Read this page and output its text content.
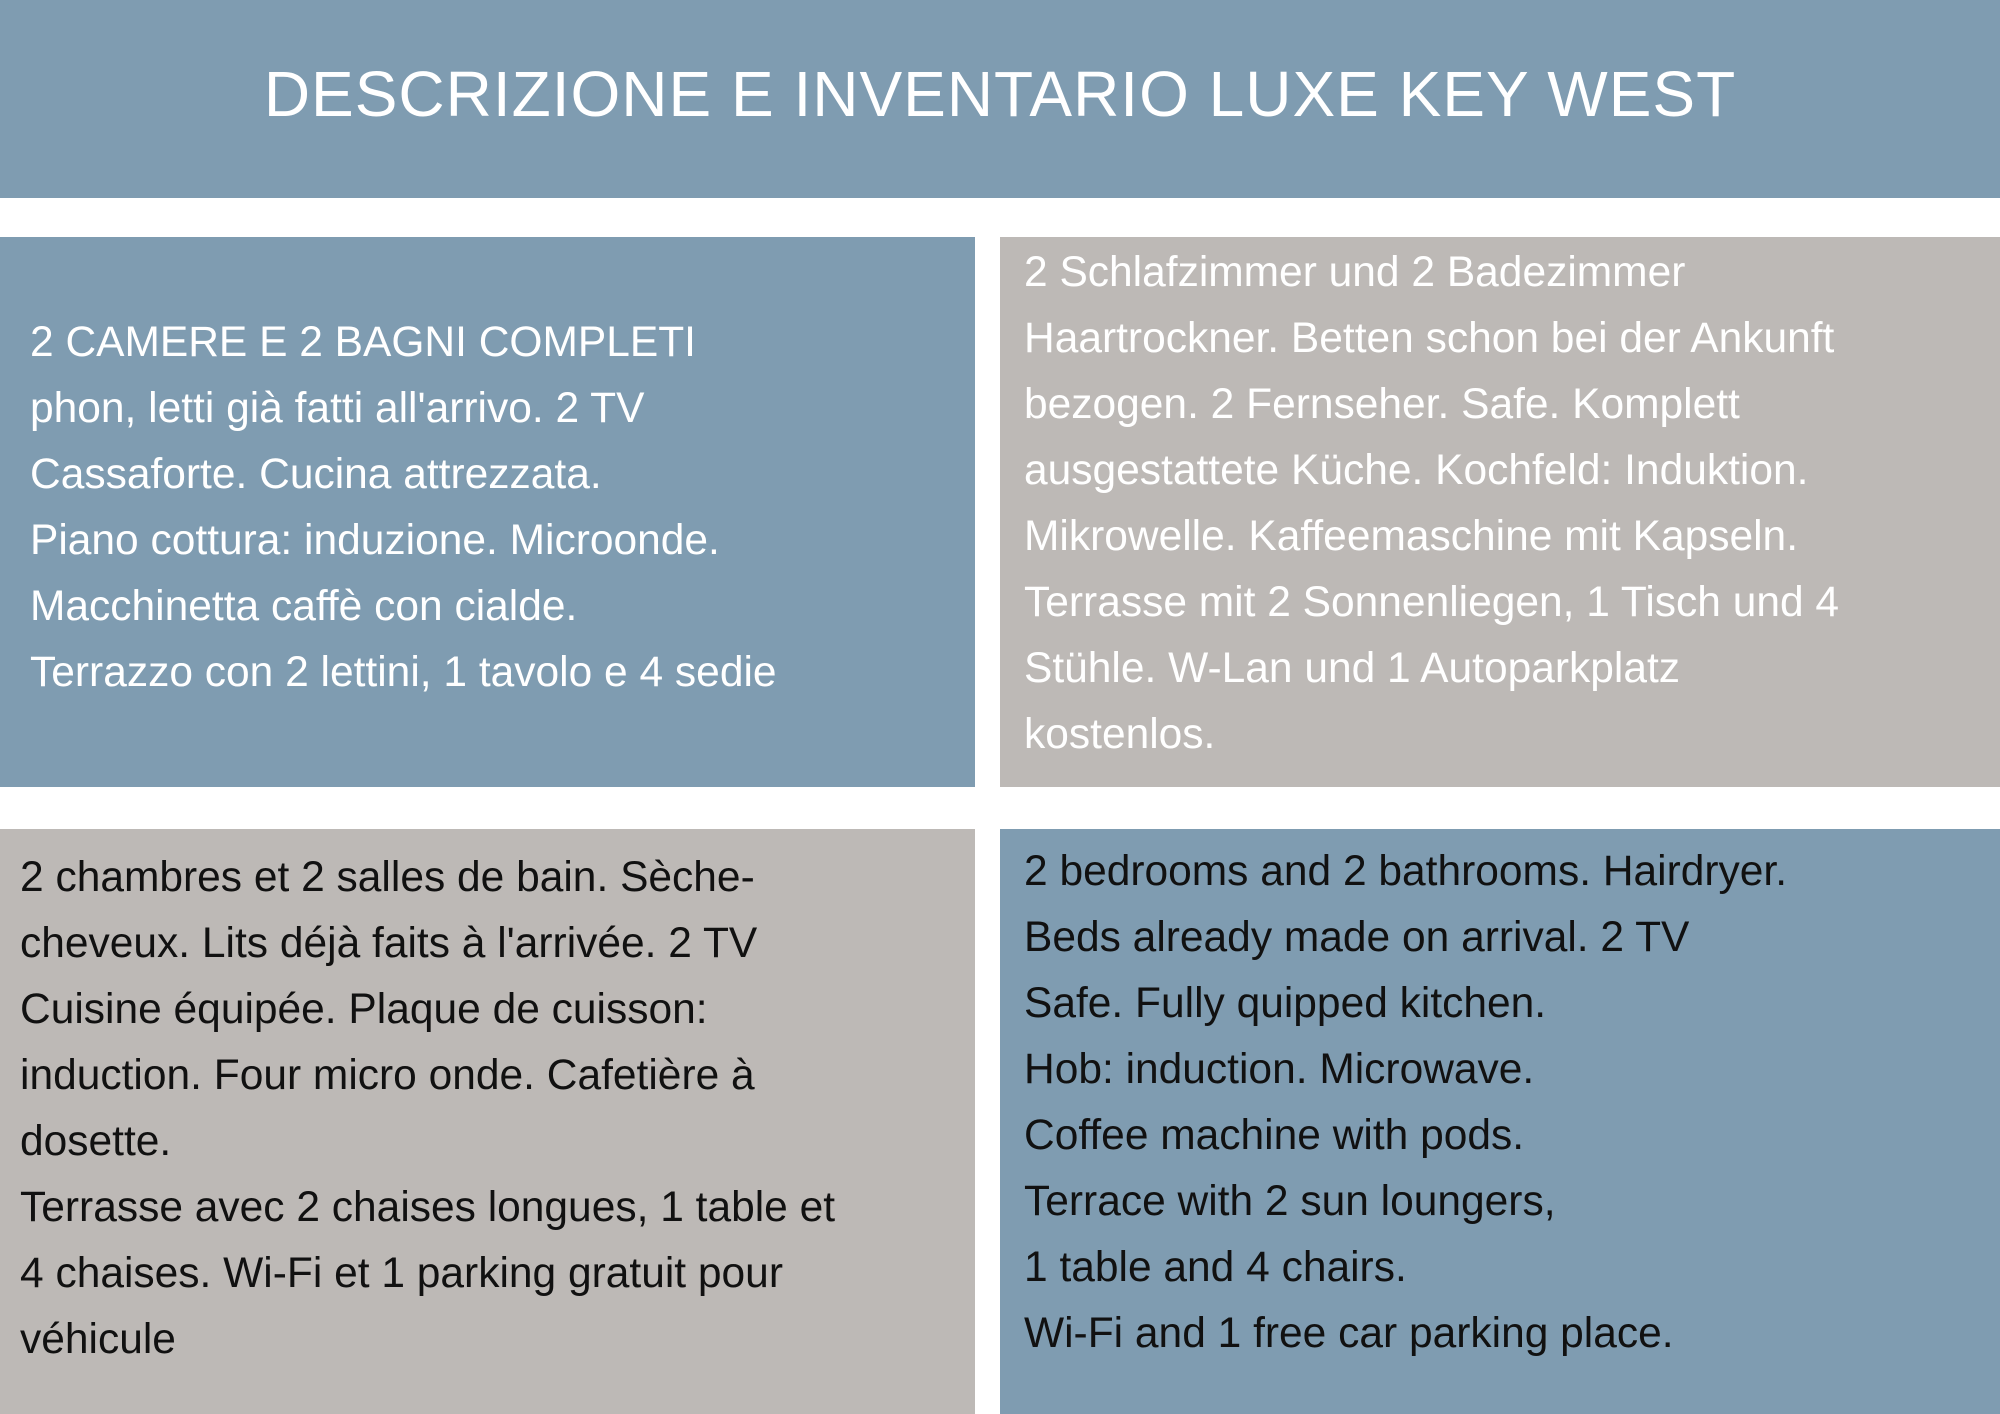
DESCRIZIONE E INVENTARIO LUXE KEY WEST
2 CAMERE E 2 BAGNI COMPLETI
phon, letti già fatti all'arrivo. 2 TV
Cassaforte. Cucina attrezzata.
Piano cottura: induzione. Microonde.
Macchinetta caffè con cialde.
Terrazzo con 2 lettini, 1 tavolo e 4 sedie
2 Schlafzimmer und 2 Badezimmer
Haartrockner. Betten schon bei der Ankunft
bezogen. 2 Fernseher. Safe. Komplett
ausgestattete Küche. Kochfeld: Induktion.
Mikrowelle. Kaffeemaschine mit Kapseln.
Terrasse mit 2 Sonnenliegen, 1 Tisch und 4
Stühle. W-Lan und 1 Autoparkplatz
kostenlos.
2 chambres et 2 salles de bain. Sèche-
cheveux. Lits déjà faits à l'arrivée. 2 TV
Cuisine équipée. Plaque de cuisson:
induction. Four micro onde. Cafetière à
dosette.
Terrasse avec 2 chaises longues, 1 table et
4 chaises. Wi-Fi et 1 parking gratuit pour
véhicule
2 bedrooms and 2 bathrooms. Hairdryer.
Beds already made on arrival. 2 TV
Safe. Fully quipped kitchen.
Hob: induction. Microwave.
Coffee machine with pods.
Terrace with 2 sun loungers,
1 table and 4 chairs.
Wi-Fi and 1 free car parking place.
